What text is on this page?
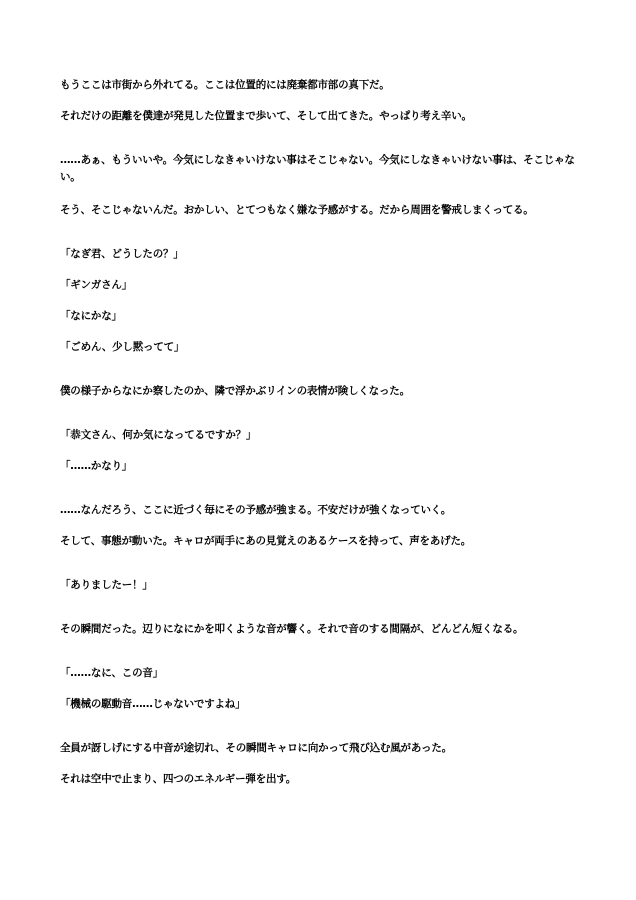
もうここは市街から外れてる。ここは位置的には廃棄都市部の真下だ。

それだけの距離を僕達が発見した位置まで歩いて、そして出てきた。やっぱり考え辛い。

……あぁ、もういいや。今気にしなきゃいけない事はそこじゃない。今気にしなきゃいけない事は、そこじゃない。

そう、そこじゃないんだ。おかしい、とてつもなく嫌な予感がする。だから周囲を警戒しまくってる。

「なぎ君、どうしたの？」

「ギンガさん」

「なにかな」

「ごめん、少し黙ってて」

僕の様子からなにか察したのか、隣で浮かぶリインの表情が険しくなった。

「恭文さん、何か気になってるですか？」

「……かなり」

……なんだろう、ここに近づく毎にその予感が強まる。不安だけが強くなっていく。

そして、事態が動いた。キャロが両手にあの見覚えのあるケースを持って、声をあげた。

「ありましたー！」

その瞬間だった。辺りになにかを叩くような音が響く。それで音のする間隔が、どんどん短くなる。

「……なに、この音」

「機械の駆動音……じゃないですよね」

全員が訝しげにする中音が途切れ、その瞬間キャロに向かって飛び込む風があった。

それは空中で止まり、四つのエネルギー弾を出す。
